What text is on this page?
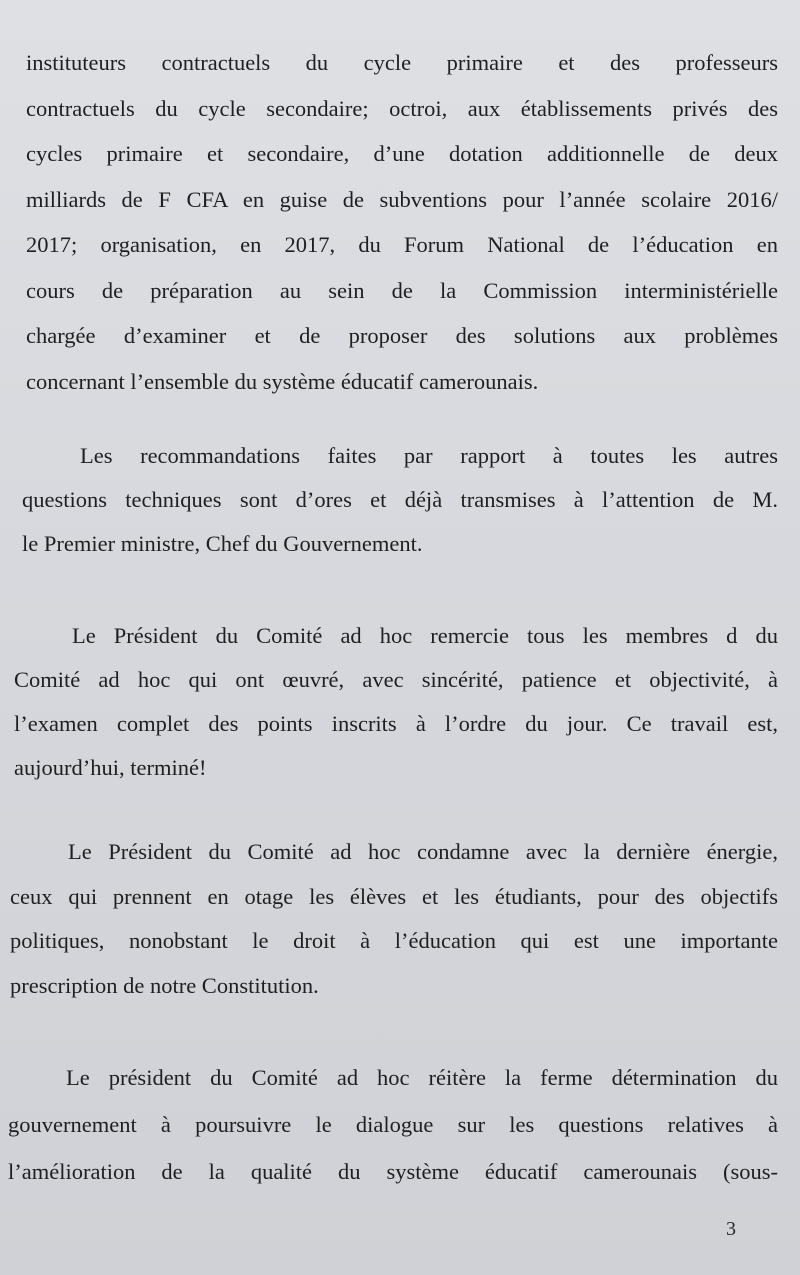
instituteurs contractuels du cycle primaire et des professeurs
contractuels du cycle secondaire; octroi, aux établissements privés des
cycles primaire et secondaire, d’une dotation additionnelle de deux
milliards de F CFA en guise de subventions pour l’année scolaire 2016/
2017; organisation, en 2017, du Forum National de l’éducation en
cours de préparation au sein de la Commission interministérielle
chargée d’examiner et de proposer des solutions aux problèmes
concernant l’ensemble du système éducatif camerounais.

Les recommandations faites par rapport à toutes les autres
questions techniques sont d’ores et déjà transmises à l’attention de M.
le Premier ministre, Chef du Gouvernement.

Le Président du Comité ad hoc remercie tous les membres d du
Comité ad hoc qui ont œuvré, avec sincérité, patience et objectivité, à
l’examen complet des points inscrits à l’ordre du jour. Ce travail est,
aujourd’hui, terminé!

Le Président du Comité ad hoc condamne avec la dernière énergie,
ceux qui prennent en otage les élèves et les étudiants, pour des objectifs
politiques, nonobstant le droit à l’éducation qui est une importante
prescription de notre Constitution.

Le président du Comité ad hoc réitère la ferme détermination du
gouvernement à poursuivre le dialogue sur les questions relatives à
l’amélioration de la qualité du système éducatif camerounais (sous-

3
